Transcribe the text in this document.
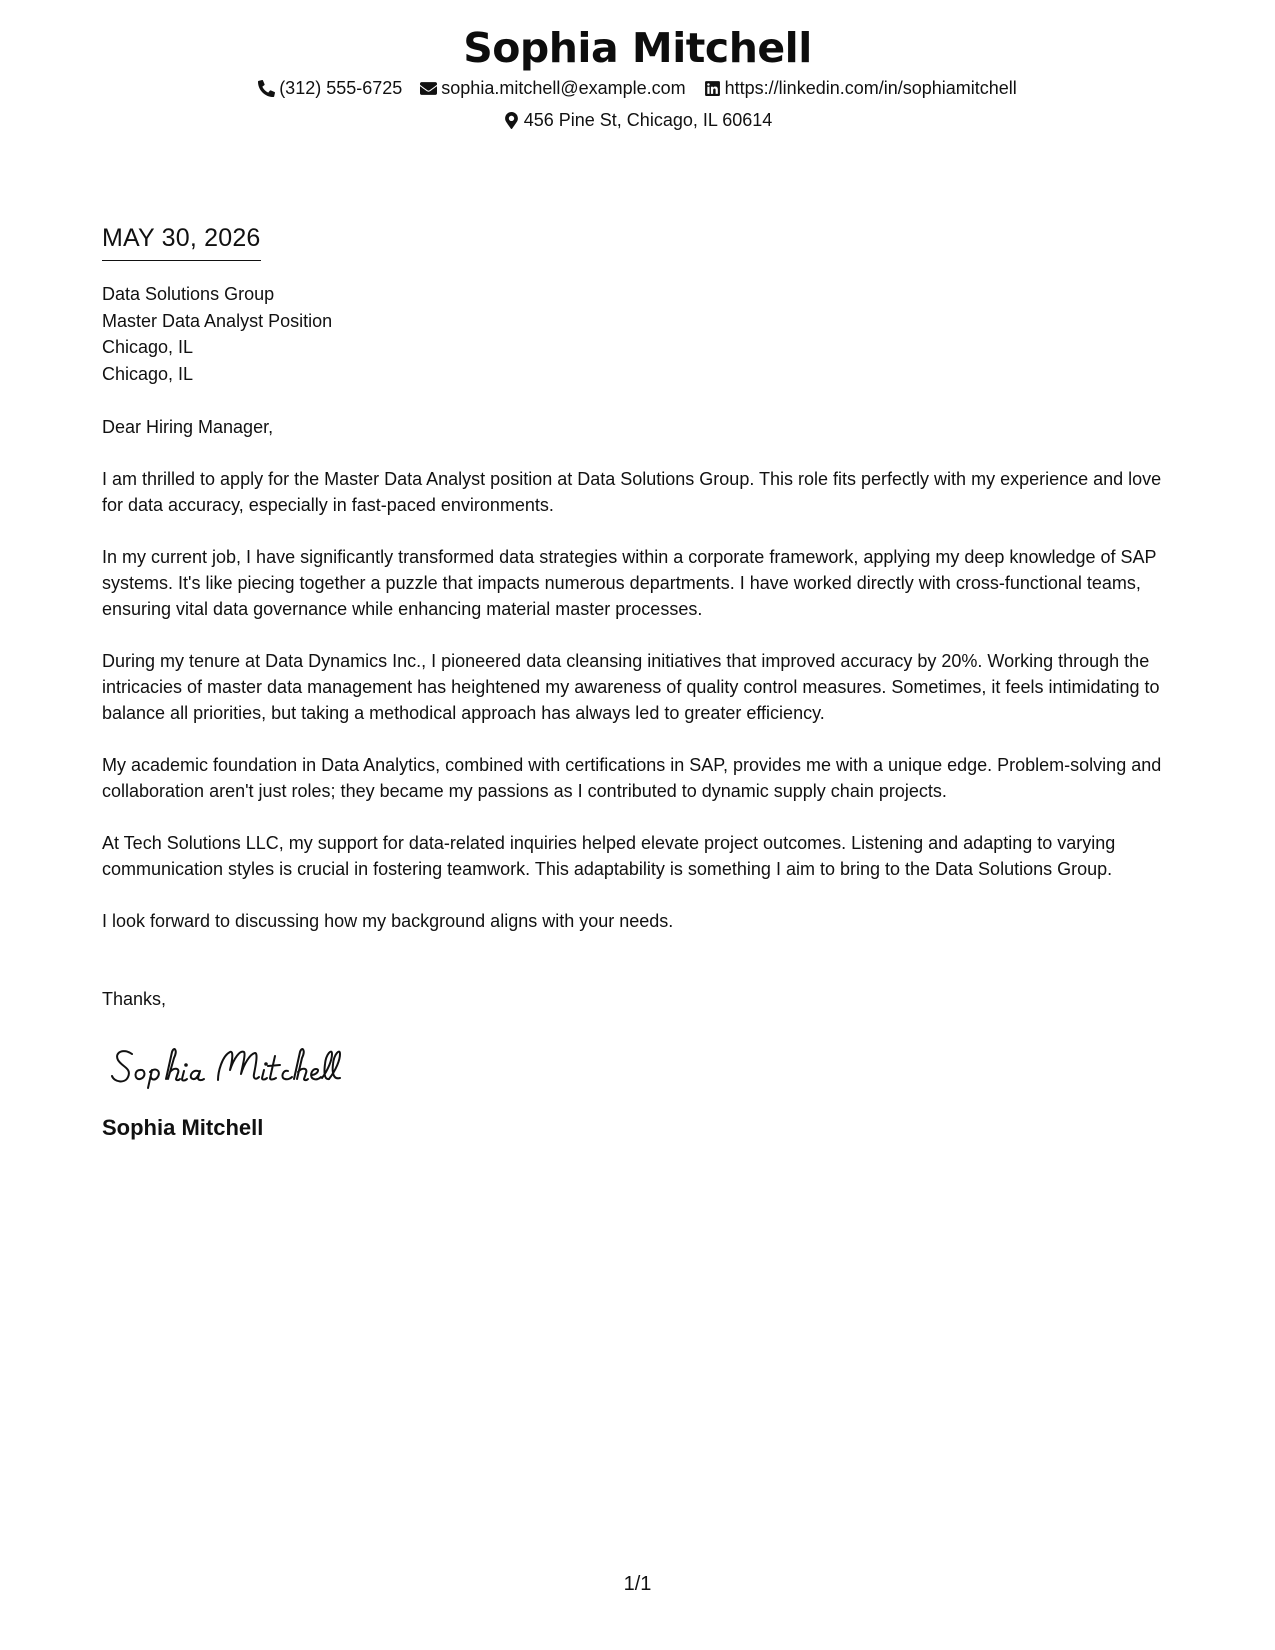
Sophia Mitchell
(312) 555-6725 sophia.mitchell@example.com https://linkedin.com/in/sophiamitchell
456 Pine St, Chicago, IL 60614
MAY 30, 2026
Data Solutions Group
Master Data Analyst Position
Chicago, IL
Chicago, IL
Dear Hiring Manager,

I am thrilled to apply for the Master Data Analyst position at Data Solutions Group. This role fits perfectly with my experience and love for data accuracy, especially in fast-paced environments.

In my current job, I have significantly transformed data strategies within a corporate framework, applying my deep knowledge of SAP systems. It's like piecing together a puzzle that impacts numerous departments. I have worked directly with cross-functional teams, ensuring vital data governance while enhancing material master processes.

During my tenure at Data Dynamics Inc., I pioneered data cleansing initiatives that improved accuracy by 20%. Working through the intricacies of master data management has heightened my awareness of quality control measures. Sometimes, it feels intimidating to balance all priorities, but taking a methodical approach has always led to greater efficiency.

My academic foundation in Data Analytics, combined with certifications in SAP, provides me with a unique edge. Problem-solving and collaboration aren't just roles; they became my passions as I contributed to dynamic supply chain projects.

At Tech Solutions LLC, my support for data-related inquiries helped elevate project outcomes. Listening and adapting to varying communication styles is crucial in fostering teamwork. This adaptability is something I aim to bring to the Data Solutions Group.

I look forward to discussing how my background aligns with your needs.

Thanks,
Sophia Mitchell
1/1
